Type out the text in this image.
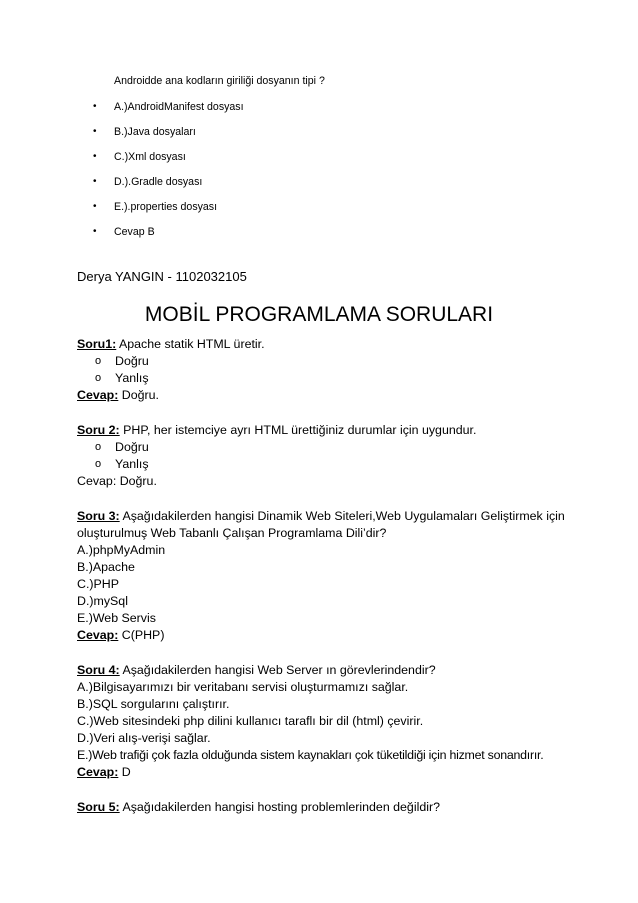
Androidde ana kodların giriliği dosyanın tipi ?
• A.)AndroidManifest dosyası
• B.)Java dosyaları
• C.)Xml dosyası
• D.).Gradle dosyası
• E.).properties dosyası
• Cevap B
Derya YANGIN - 1102032105
MOBİL PROGRAMLAMA SORULARI
Soru1: Apache statik HTML üretir.
o Doğru
o Yanlış
Cevap: Doğru.
Soru 2: PHP, her istemciye ayrı HTML ürettiğiniz durumlar için uygundur.
o Doğru
o Yanlış
Cevap: Doğru.
Soru 3: Aşağıdakilerden hangisi Dinamik Web Siteleri,Web Uygulamaları Geliştirmek için
oluşturulmuş Web Tabanlı Çalışan Programlama Dili’dir?
A.)phpMyAdmin
B.)Apache
C.)PHP
D.)mySql
E.)Web Servis
Cevap: C(PHP)
Soru 4: Aşağıdakilerden hangisi Web Server ın görevlerindendir?
A.)Bilgisayarımızı bir veritabanı servisi oluşturmamızı sağlar.
B.)SQL sorgularını çalıştırır.
C.)Web sitesindeki php dilini kullanıcı taraflı bir dil (html) çevirir.
D.)Veri alış-verişi sağlar.
E.)Web trafiği çok fazla olduğunda sistem kaynakları çok tüketildiği için hizmet sonandırır.
Cevap: D
Soru 5: Aşağıdakilerden hangisi hosting problemlerinden değildir?
